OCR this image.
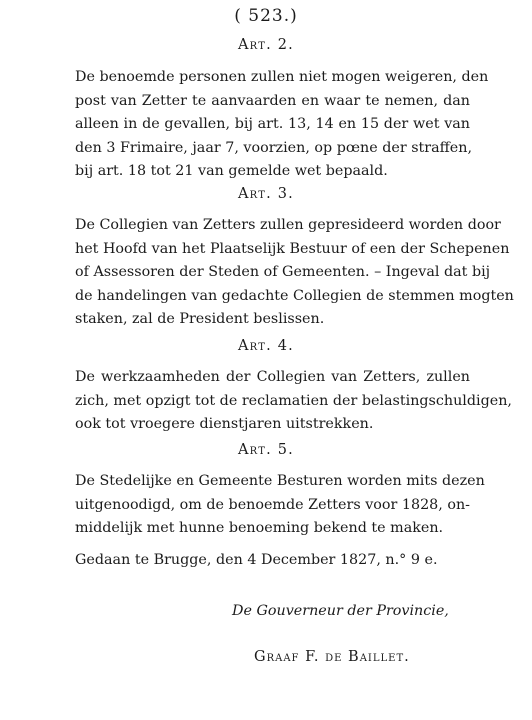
( 523.)
Art. 2.
De benoemde personen zullen niet mogen weigeren, den
post van Zetter te aanvaarden en waar te nemen, dan
alleen in de gevallen, bij art. 13, 14 en 15 der wet van
den 3 Frimaire, jaar 7, voorzien, op pœne der straffen,
bij art. 18 tot 21 van gemelde wet bepaald.
Art. 3.
De Collegien van Zetters zullen gepresideerd worden door
het Hoofd van het Plaatselijk Bestuur of een der Schepenen
of Assessoren der Steden of Gemeenten. – Ingeval dat bij
de handelingen van gedachte Collegien de stemmen mogten
staken, zal de President beslissen.
Art. 4.
De werkzaamheden der Collegien van Zetters, zullen
zich, met opzigt tot de reclamatien der belastingschuldigen,
ook tot vroegere dienstjaren uitstrekken.
Art. 5.
De Stedelijke en Gemeente Besturen worden mits dezen
uitgenoodigd, om de benoemde Zetters voor 1828, on-
middelijk met hunne benoeming bekend te maken.
Gedaan te Brugge, den 4 December 1827, n.° 9 e.
De Gouverneur der Provincie,
Graaf F. de Baillet.
